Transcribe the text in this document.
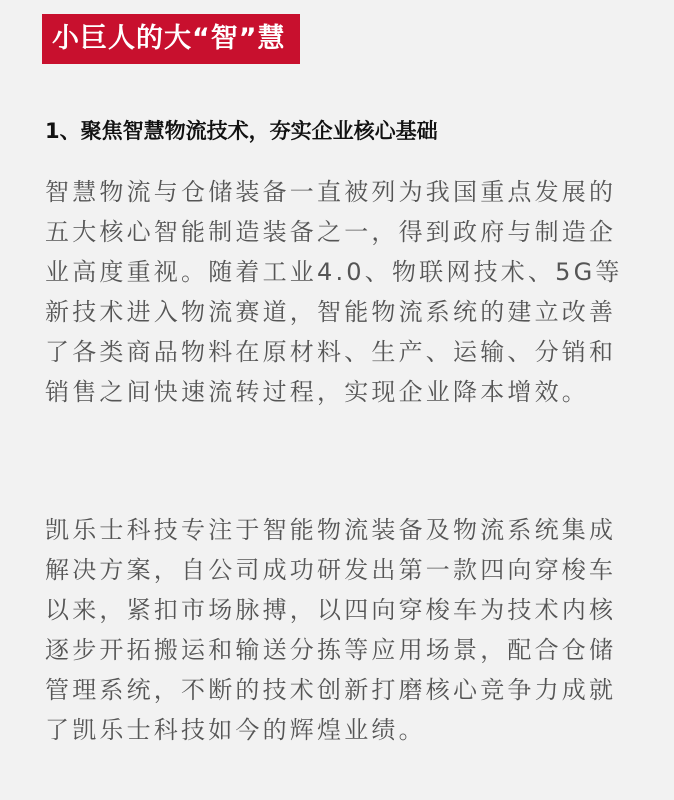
小巨人的大“智”慧
1、聚焦智慧物流技术，夯实企业核心基础

智慧物流与仓储装备一直被列为我国重点发展的五大核心智能制造装备之一，得到政府与制造企业高度重视。随着工业4.0、物联网技术、5G等新技术进入物流赛道，智能物流系统的建立改善了各类商品物料在原材料、生产、运输、分销和销售之间快速流转过程，实现企业降本增效。

凯乐士科技专注于智能物流装备及物流系统集成解决方案，自公司成功研发出第一款四向穿梭车以来，紧扣市场脉搏，以四向穿梭车为技术内核逐步开拓搬运和输送分拣等应用场景，配合仓储管理系统，不断的技术创新打磨核心竞争力成就了凯乐士科技如今的辉煌业绩。
